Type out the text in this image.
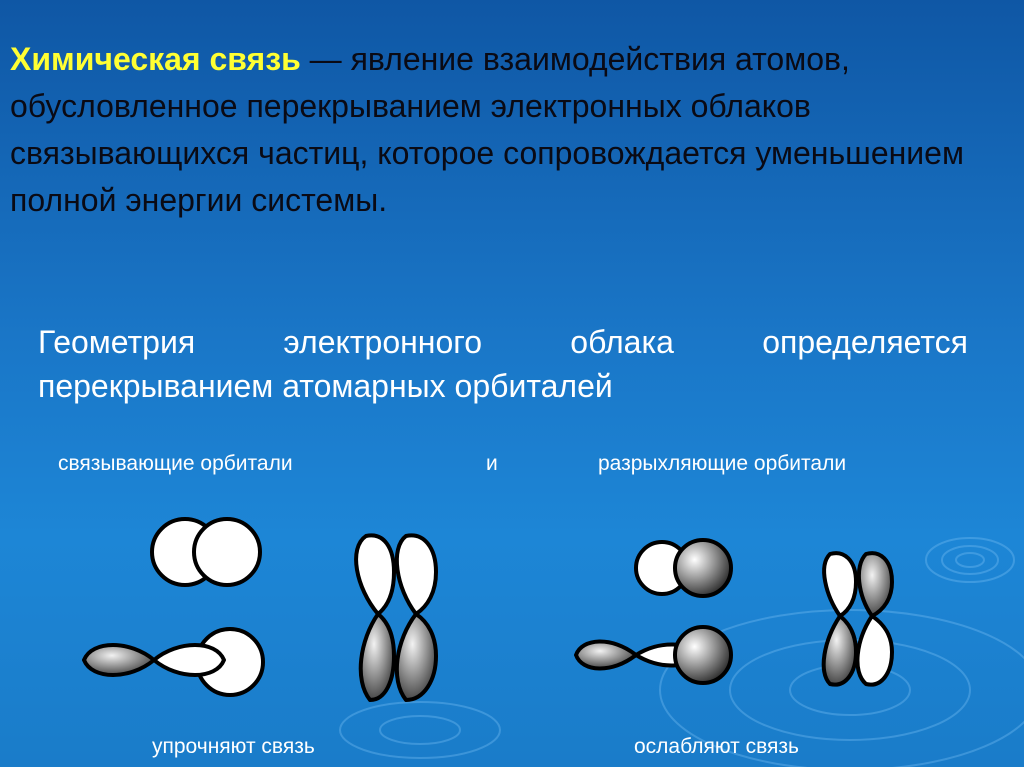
Химическая связь — явление взаимодействия атомов, обусловленное перекрыванием электронных облаков связывающихся частиц, которое сопровождается уменьшением полной энергии системы.
Геометрия электронного облака определяется
перекрыванием атомарных орбиталей
связывающие орбитали	и	разрыхляющие орбитали
упрочняют связь	ослабляют связь
